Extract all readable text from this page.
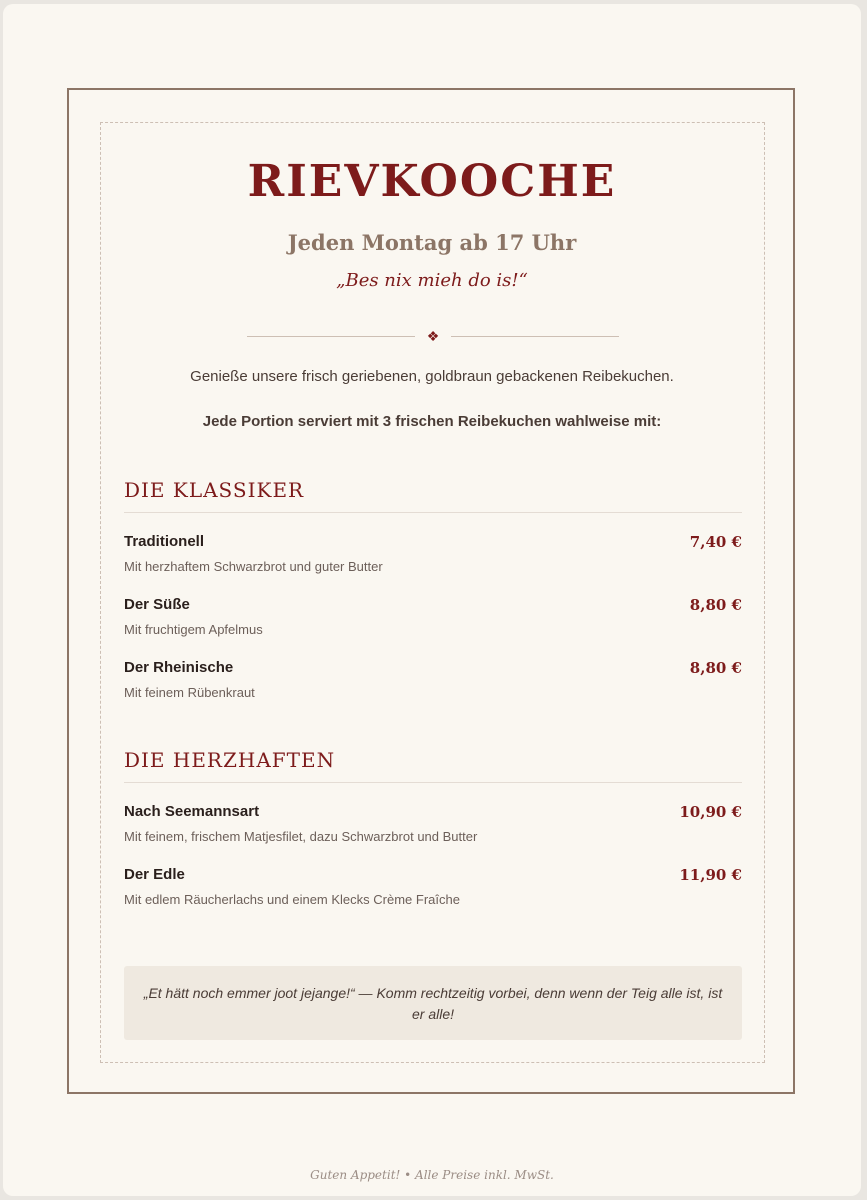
RIEVKOOCHE
Jeden Montag ab 17 Uhr
„Bes nix mieh do is!“
❖
Genieße unsere frisch geriebenen, goldbraun gebackenen Reibekuchen.
Jede Portion serviert mit 3 frischen Reibekuchen wahlweise mit:
DIE KLASSIKER
Traditionell	7,40 €
Mit herzhaftem Schwarzbrot und guter Butter
Der Süße	8,80 €
Mit fruchtigem Apfelmus
Der Rheinische	8,80 €
Mit feinem Rübenkraut
DIE HERZHAFTEN
Nach Seemannsart	10,90 €
Mit feinem, frischem Matjesfilet, dazu Schwarzbrot und Butter
Der Edle	11,90 €
Mit edlem Räucherlachs und einem Klecks Crème Fraîche
„Et hätt noch emmer joot jejange!“ — Komm rechtzeitig vorbei, denn wenn der Teig alle ist, ist er alle!
Guten Appetit! • Alle Preise inkl. MwSt.
